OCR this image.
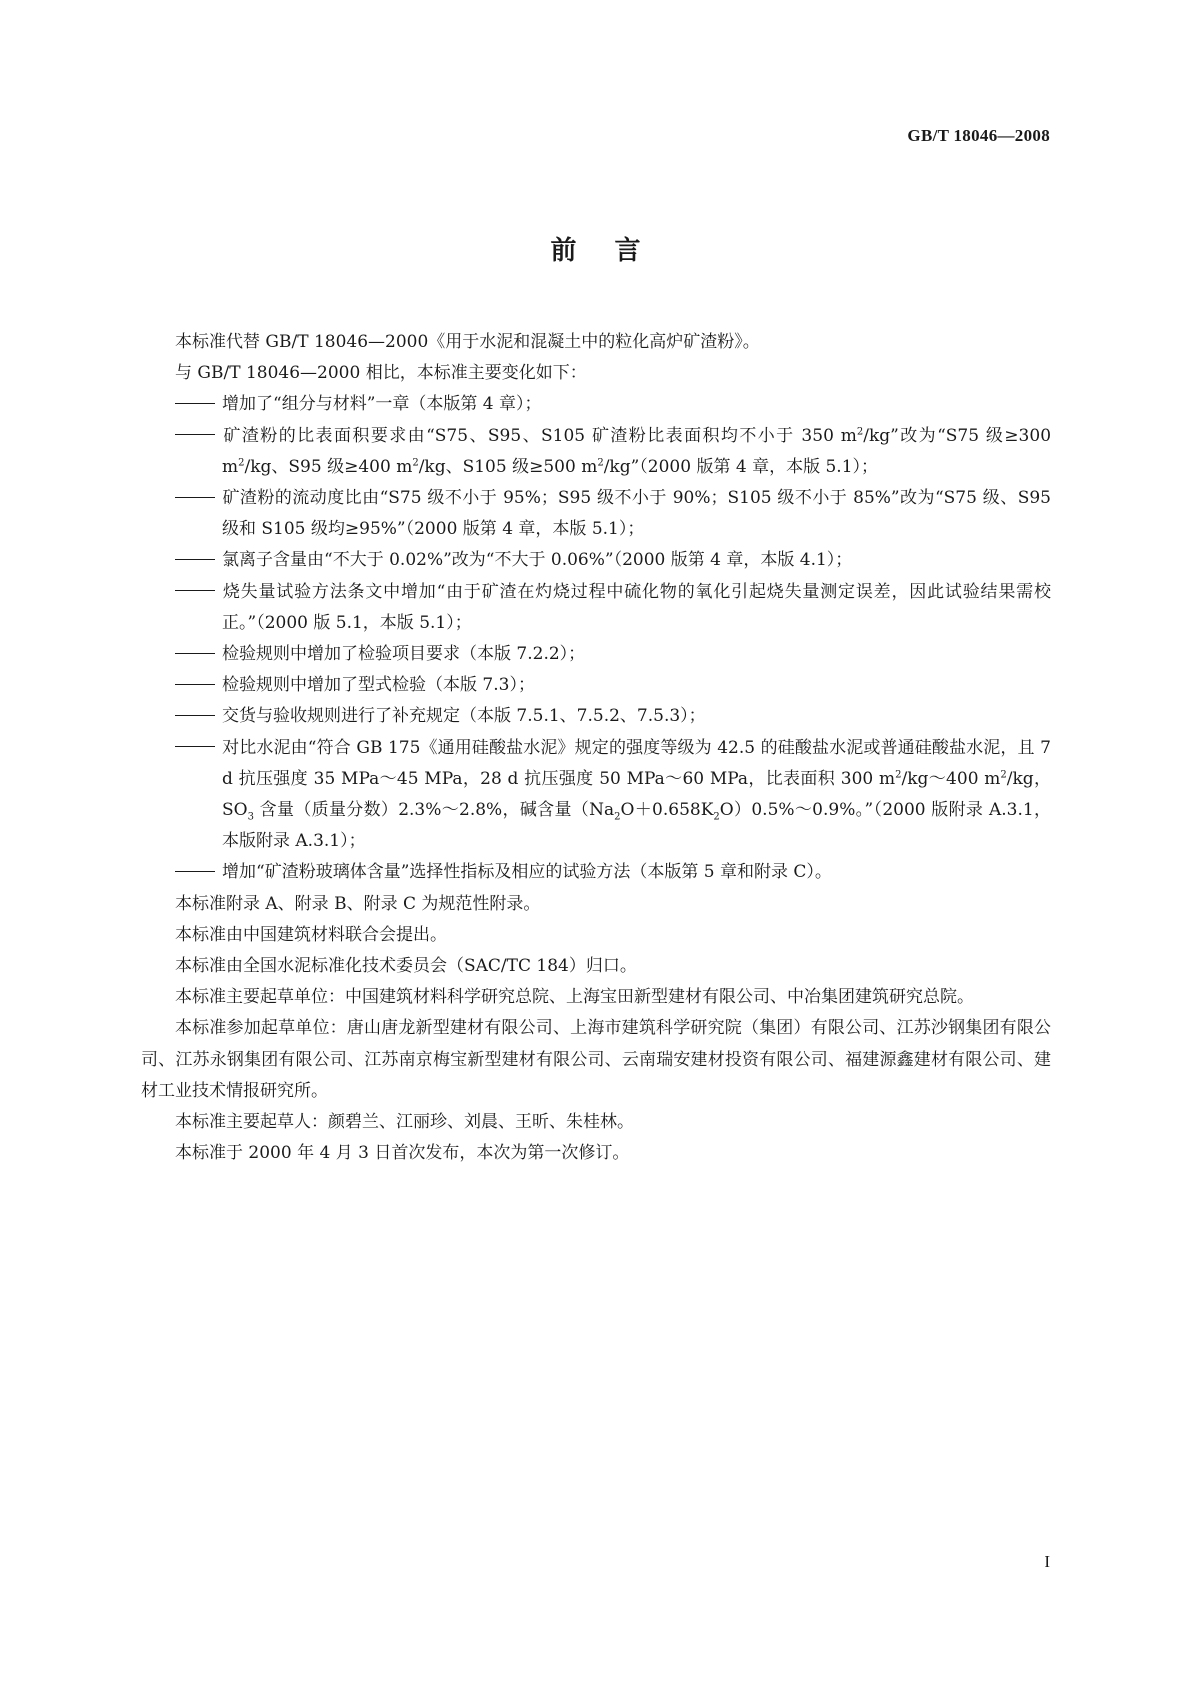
GB/T 18046—2008
前言

本标准代替 GB/T 18046—2000《用于水泥和混凝土中的粒化高炉矿渣粉》。

与 GB/T 18046—2000 相比，本标准主要变化如下：

增加了“组分与材料”一章（本版第 4 章）；

矿渣粉的比表面积要求由“S75、S95、S105 矿渣粉比表面积均不小于 350 $m^2/kg$”改为“S75 级≥300 $m^2/kg$、S95 级≥400 $m^2/kg$、S105 级≥500 $m^2/kg”(2000$ 版第 4 章，本版 5.1）；

矿渣粉的流动度比由“S75 级不小于 95%；S95 级不小于 90%；S105 级不小于 85%”改为“S75 级、S95 级和 S105 级均≥95%”（2000 版第 4 章，本版 5.1）；

氯离子含量由“不大于 0.02%”改为“不大于 0.06%”（2000 版第 4 章，本版 4.1）；

烧失量试验方法条文中增加“由于矿渣在灼烧过程中硫化物的氧化引起烧失量测定误差，因此试验结果需校正。”（2000 版 5.1，本版 5.1）；

检验规则中增加了检验项目要求（本版 7.2.2）；

检验规则中增加了型式检验（本版 7.3）；

交货与验收规则进行了补充规定（本版 7.5.1、7.5.2、7.5.3）；

对比水泥由“符合 GB 175《通用硅酸盐水泥》规定的强度等级为 42.5 的硅酸盐水泥或普通硅酸盐水泥，且 7 d 抗压强度 35 MPa～45 MPa，28 d 抗压强度 50 MPa～60 MPa，比表面积 300 $m^2/kg\sim 400$ $m^2/kg$，$SO_3$ 含量（质量分数）2.3%～2.8%，碱含量$(Na_2O+0.658K_2O)0.5\%\sim 0.9\%$。”（2000 版附录 A.3.1，本版附录 A.3.1）；

增加“矿渣粉玻璃体含量”选择性指标及相应的试验方法（本版第 5 章和附录 C）。

本标准附录 A、附录 B、附录 C 为规范性附录。

本标准由中国建筑材料联合会提出。

本标准由全国水泥标准化技术委员会（SAC/TC 184）归口。

本标准主要起草单位：中国建筑材料科学研究总院、上海宝田新型建材有限公司、中冶集团建筑研究总院。

本标准参加起草单位：唐山唐龙新型建材有限公司、上海市建筑科学研究院（集团）有限公司、江苏沙钢集团有限公司、江苏永钢集团有限公司、江苏南京梅宝新型建材有限公司、云南瑞安建材投资有限公司、福建源鑫建材有限公司、建材工业技术情报研究所。

本标准主要起草人：颜碧兰、江丽珍、刘晨、王昕、朱桂林。

本标准于 2000 年 4 月 3 日首次发布，本次为第一次修订。

I
